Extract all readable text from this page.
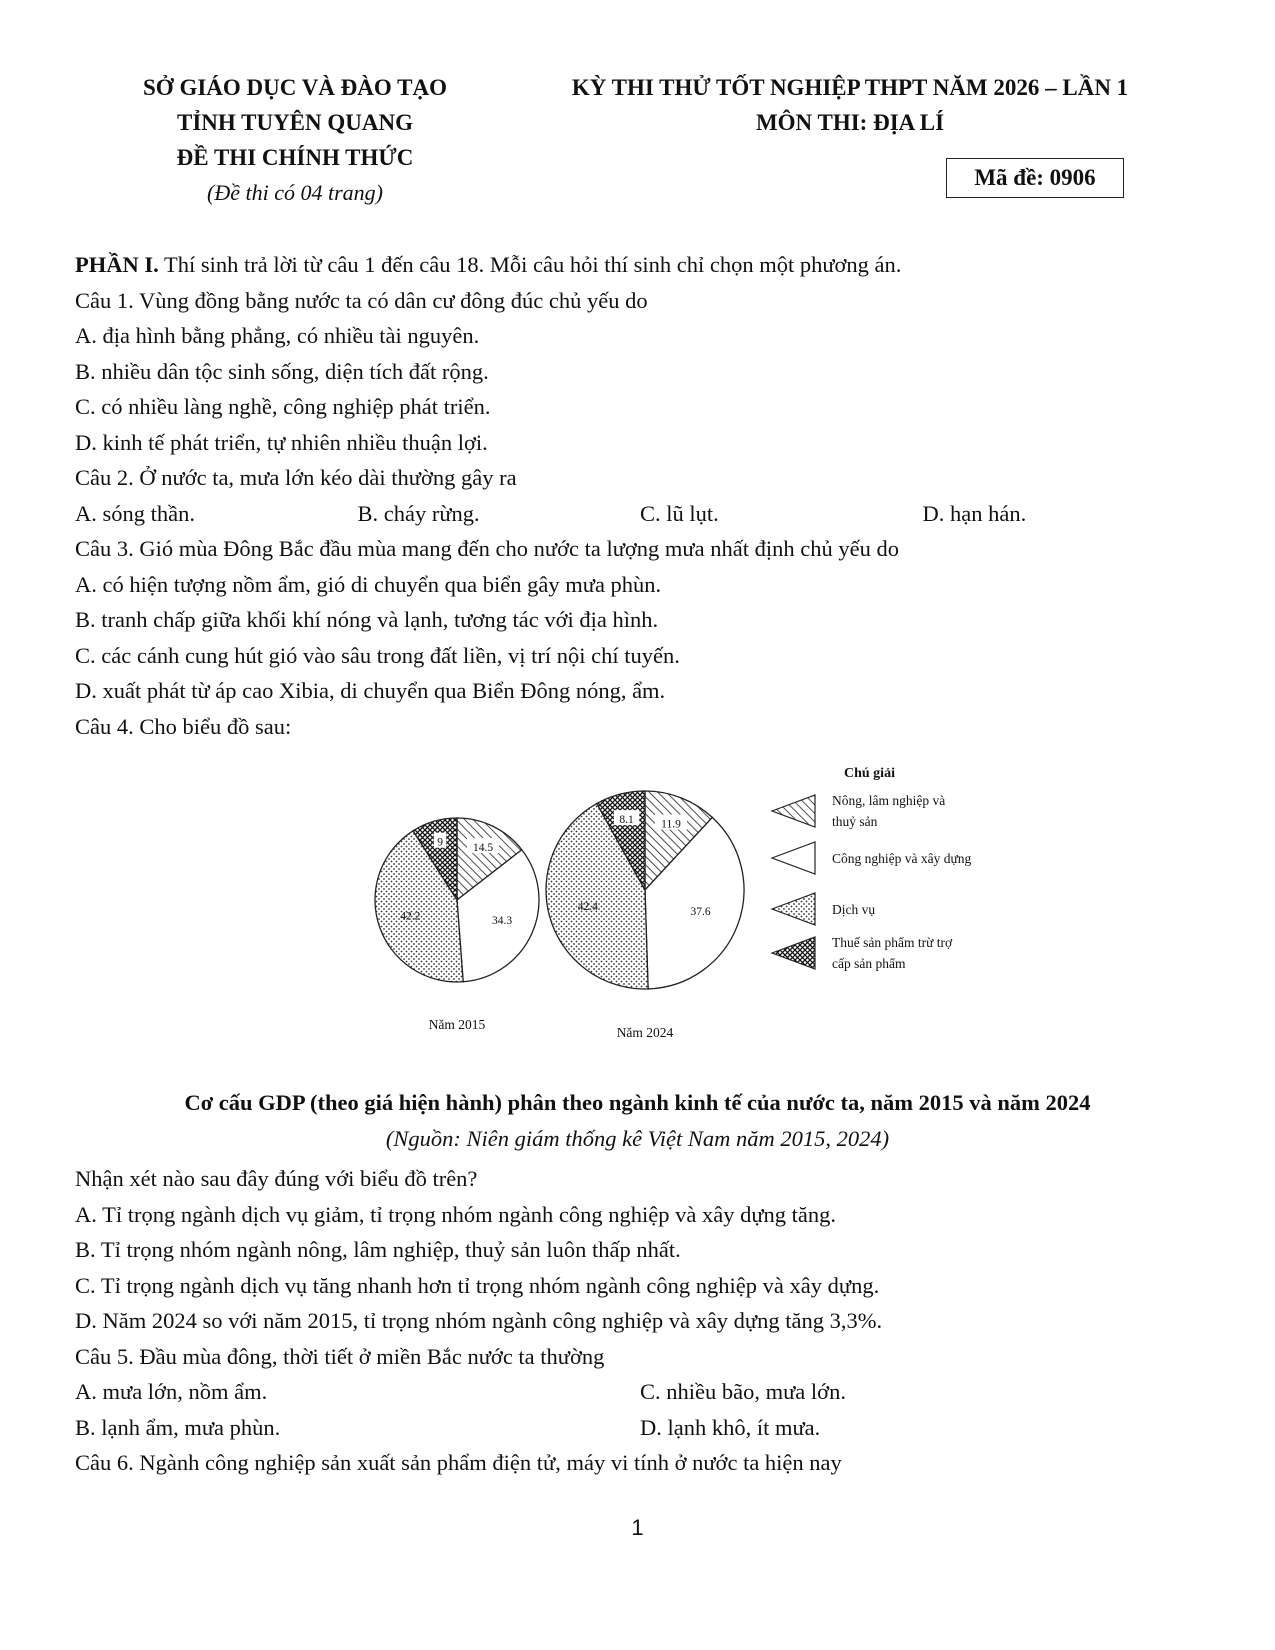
SỞ GIÁO DỤC VÀ ĐÀO TẠO
TỈNH TUYÊN QUANG
ĐỀ THI CHÍNH THỨC
(Đề thi có 04 trang)
KỲ THI THỬ TỐT NGHIỆP THPT NĂM 2026 – LẦN 1
MÔN THI: ĐỊA LÍ
Mã đề: 0906
PHẦN I. Thí sinh trả lời từ câu 1 đến câu 18. Mỗi câu hỏi thí sinh chỉ chọn một phương án.
Câu 1. Vùng đồng bằng nước ta có dân cư đông đúc chủ yếu do
A. địa hình bằng phẳng, có nhiều tài nguyên.
B. nhiều dân tộc sinh sống, diện tích đất rộng.
C. có nhiều làng nghề, công nghiệp phát triển.
D. kinh tế phát triển, tự nhiên nhiều thuận lợi.
Câu 2. Ở nước ta, mưa lớn kéo dài thường gây ra
A. sóng thần.	B. cháy rừng.	C. lũ lụt.	D. hạn hán.
Câu 3. Gió mùa Đông Bắc đầu mùa mang đến cho nước ta lượng mưa nhất định chủ yếu do
A. có hiện tượng nồm ẩm, gió di chuyển qua biển gây mưa phùn.
B. tranh chấp giữa khối khí nóng và lạnh, tương tác với địa hình.
C. các cánh cung hút gió vào sâu trong đất liền, vị trí nội chí tuyến.
D. xuất phát từ áp cao Xibia, di chuyển qua Biển Đông nóng, ẩm.
Câu 4. Cho biểu đồ sau:
14.5
34.3
42.2
9
Năm 2015
11.9
37.6
42.4
8.1
Năm 2024
Chú giải
Nông, lâm nghiệp và
thuỷ sản
Công nghiệp và xây dựng
Dịch vụ
Thuế sản phẩm trừ trợ
cấp sản phẩm
Cơ cấu GDP (theo giá hiện hành) phân theo ngành kinh tế của nước ta, năm 2015 và năm 2024
(Nguồn: Niên giám thống kê Việt Nam năm 2015, 2024)
Nhận xét nào sau đây đúng với biểu đồ trên?
A. Tỉ trọng ngành dịch vụ giảm, tỉ trọng nhóm ngành công nghiệp và xây dựng tăng.
B. Tỉ trọng nhóm ngành nông, lâm nghiệp, thuỷ sản luôn thấp nhất.
C. Tỉ trọng ngành dịch vụ tăng nhanh hơn tỉ trọng nhóm ngành công nghiệp và xây dựng.
D. Năm 2024 so với năm 2015, tỉ trọng nhóm ngành công nghiệp và xây dựng tăng 3,3%.
Câu 5. Đầu mùa đông, thời tiết ở miền Bắc nước ta thường
A. mưa lớn, nồm ẩm.	C. nhiều bão, mưa lớn.
B. lạnh ẩm, mưa phùn.	D. lạnh khô, ít mưa.
Câu 6. Ngành công nghiệp sản xuất sản phẩm điện tử, máy vi tính ở nước ta hiện nay
1
